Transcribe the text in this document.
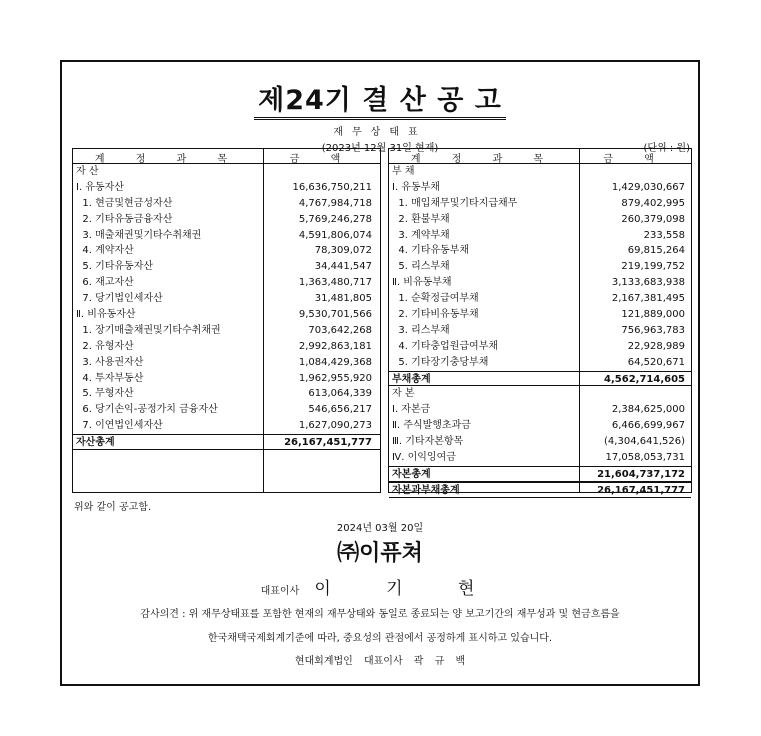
제24기 결 산 공 고
재무상태표
(2023년 12월 31일 현재)	(단위 : 원)
계 정 과 목	금 액
자 산
Ⅰ. 유동자산	16,636,750,211
1. 현금및현금성자산	4,767,984,718
2. 기타유동금융자산	5,769,246,278
3. 매출채권및기타수취채권	4,591,806,074
4. 계약자산	78,309,072
5. 기타유동자산	34,441,547
6. 재고자산	1,363,480,717
7. 당기법인세자산	31,481,805
Ⅱ. 비유동자산	9,530,701,566
1. 장기매출채권및기타수취채권	703,642,268
2. 유형자산	2,992,863,181
3. 사용권자산	1,084,429,368
4. 투자부동산	1,962,955,920
5. 무형자산	613,064,339
6. 당기손익-공정가치 금융자산	546,656,217
7. 이연법인세자산	1,627,090,273
자산총계	26,167,451,777
계 정 과 목	금 액
부 채
Ⅰ. 유동부채	1,429,030,667
1. 매입채무및기타지급채무	879,402,995
2. 환불부채	260,379,098
3. 계약부채	233,558
4. 기타유동부채	69,815,264
5. 리스부채	219,199,752
Ⅱ. 비유동부채	3,133,683,938
1. 순확정급여부채	2,167,381,495
2. 기타비유동부채	121,889,000
3. 리스부채	756,963,783
4. 기타충업원급여부채	22,928,989
5. 기타장기충당부채	64,520,671
부채총계	4,562,714,605
자 본
Ⅰ. 자본금	2,384,625,000
Ⅱ. 주식발행초과금	6,466,699,967
Ⅲ. 기타자본항목	(4,304,641,526)
Ⅳ. 이익잉여금	17,058,053,731
자본총계	21,604,737,172
자본과부채총계	26,167,451,777
위와 같이 공고함.
2024년 03월 20일
㈜이퓨쳐
대표이사 이 기 현
감사의견 : 위 재무상태표를 포함한 현재의 재무상태와 동일로 종료되는 양 보고기간의 재무성과 및 현금흐름을
한국채택국제회계기준에 따라, 중요성의 관점에서 공정하게 표시하고 있습니다.
현대회계법인 대표이사 곽 규 백
